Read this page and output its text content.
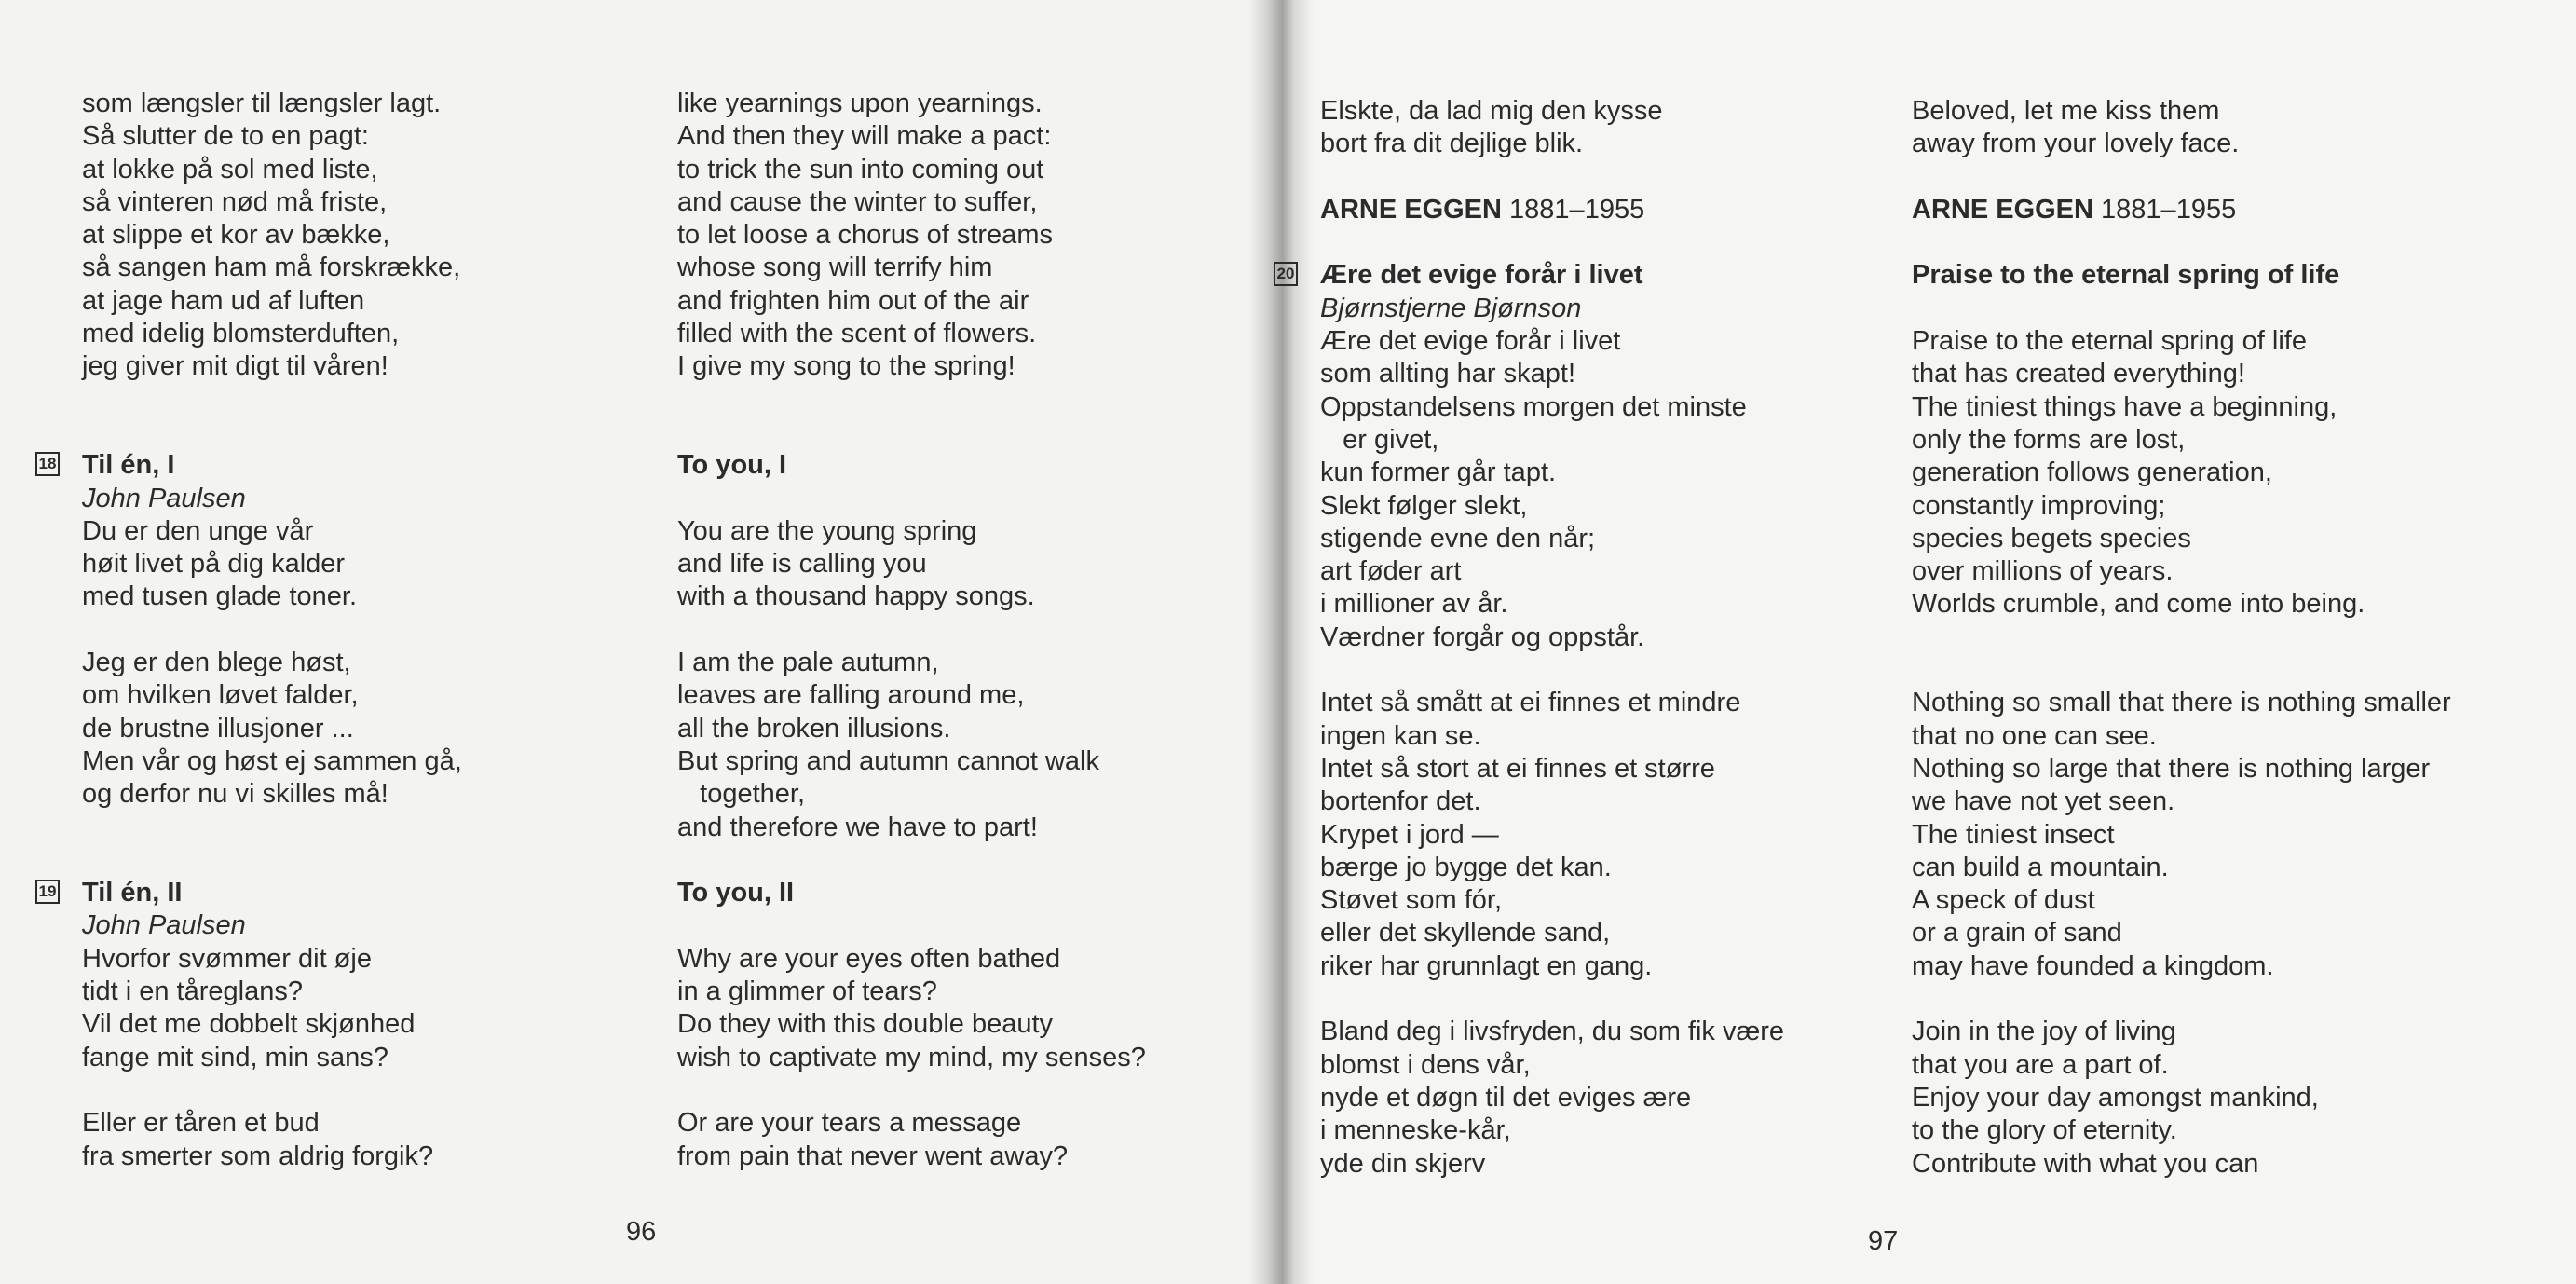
som længsler til længsler lagt.
Så slutter de to en pagt:
at lokke på sol med liste,
så vinteren nød må friste,
at slippe et kor av bække,
så sangen ham må forskrække,
at jage ham ud af luften
med idelig blomsterduften,
jeg giver mit digt til våren!
18 Til én, I
John Paulsen
Du er den unge vår
høit livet på dig kalder
med tusen glade toner.
Jeg er den blege høst,
om hvilken løvet falder,
de brustne illusjoner ...
Men vår og høst ej sammen gå,
og derfor nu vi skilles må!
19 Til én, II
John Paulsen
Hvorfor svømmer dit øje
tidt i en tåreglans?
Vil det me dobbelt skjønhed
fange mit sind, min sans?
Eller er tåren et bud
fra smerter som aldrig forgik?
like yearnings upon yearnings.
And then they will make a pact:
to trick the sun into coming out
and cause the winter to suffer,
to let loose a chorus of streams
whose song will terrify him
and frighten him out of the air
filled with the scent of flowers.
I give my song to the spring!
To you, I
You are the young spring
and life is calling you
with a thousand happy songs.
I am the pale autumn,
leaves are falling around me,
all the broken illusions.
But spring and autumn cannot walk
together,
and therefore we have to part!
To you, II
Why are your eyes often bathed
in a glimmer of tears?
Do they with this double beauty
wish to captivate my mind, my senses?
Or are your tears a message
from pain that never went away?
96
Elskte, da lad mig den kysse
bort fra dit dejlige blik.
ARNE EGGEN 1881–1955
20 Ære det evige forår i livet
Bjørnstjerne Bjørnson
Ære det evige forår i livet
som allting har skapt!
Oppstandelsens morgen det minste
er givet,
kun former går tapt.
Slekt følger slekt,
stigende evne den når;
art føder art
i millioner av år.
Værdner forgår og oppstår.
Intet så smått at ei finnes et mindre
ingen kan se.
Intet så stort at ei finnes et større
bortenfor det.
Krypet i jord —
bærge jo bygge det kan.
Støvet som fór,
eller det skyllende sand,
riker har grunnlagt en gang.
Bland deg i livsfryden, du som fik være
blomst i dens vår,
nyde et døgn til det eviges ære
i menneske-kår,
yde din skjerv
Beloved, let me kiss them
away from your lovely face.
ARNE EGGEN 1881–1955
Praise to the eternal spring of life
Praise to the eternal spring of life
that has created everything!
The tiniest things have a beginning,
only the forms are lost,
generation follows generation,
constantly improving;
species begets species
over millions of years.
Worlds crumble, and come into being.
Nothing so small that there is nothing smaller
that no one can see.
Nothing so large that there is nothing larger
we have not yet seen.
The tiniest insect
can build a mountain.
A speck of dust
or a grain of sand
may have founded a kingdom.
Join in the joy of living
that you are a part of.
Enjoy your day amongst mankind,
to the glory of eternity.
Contribute with what you can
97
